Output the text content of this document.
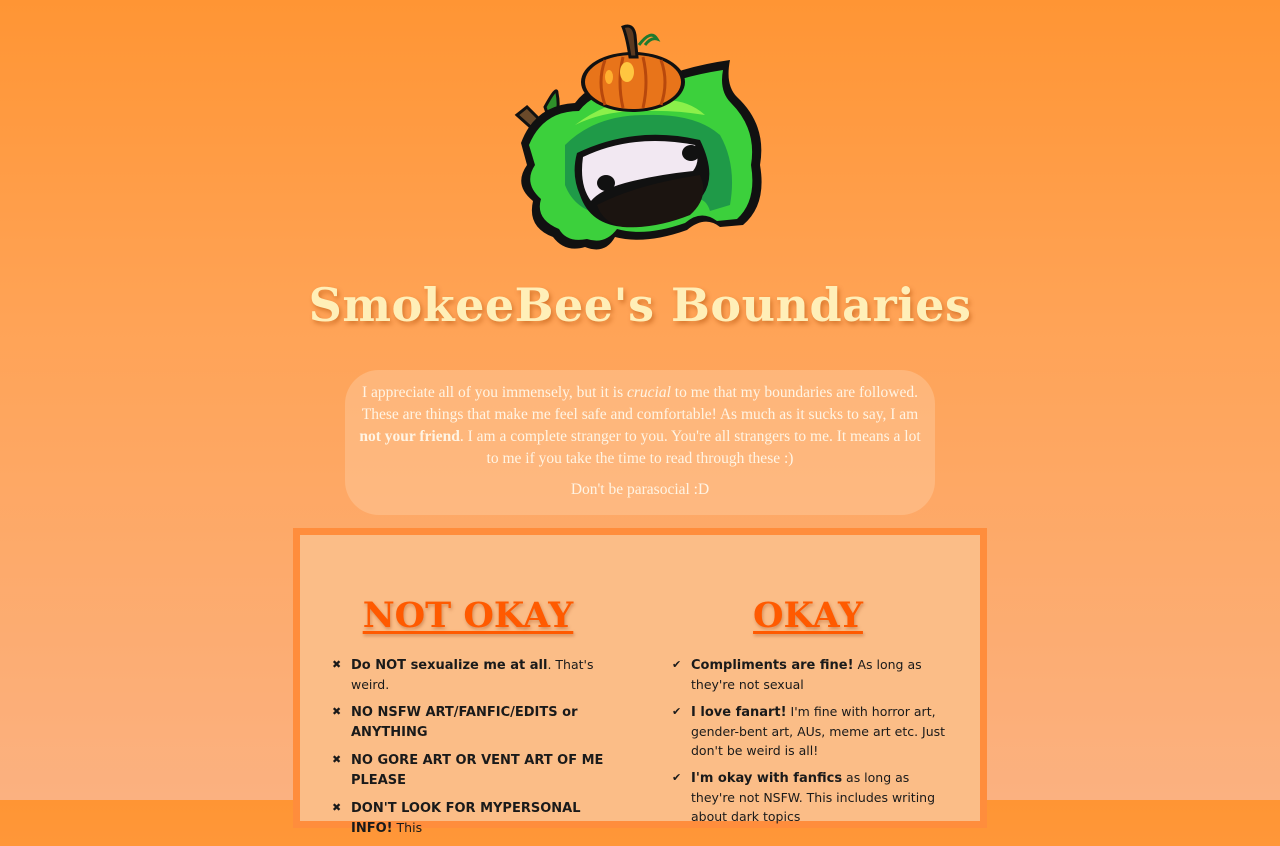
SmokeeBee's Boundaries

I appreciate all of you immensely, but it is crucial to me that my boundaries are followed. These are things that make me feel safe and comfortable! As much as it sucks to say, I am not your friend. I am a complete stranger to you. You're all strangers to me. It means a lot to me if you take the time to read through these :)

Don't be parasocial :D

NOT OKAY
✖ Do NOT sexualize me at all. That's weird.
✖ NO NSFW ART/FANFIC/EDITS or ANYTHING
✖ NO GORE ART OR VENT ART OF ME PLEASE
✖ DON'T LOOK FOR MYPERSONAL INFO! This
OKAY
✔ Compliments are fine! As long as they're not sexual
✔ I love fanart! I'm fine with horror art, gender-bent art, AUs, meme art etc. Just don't be weird is all!
✔ I'm okay with fanfics as long as they're not NSFW. This includes writing about dark topics
